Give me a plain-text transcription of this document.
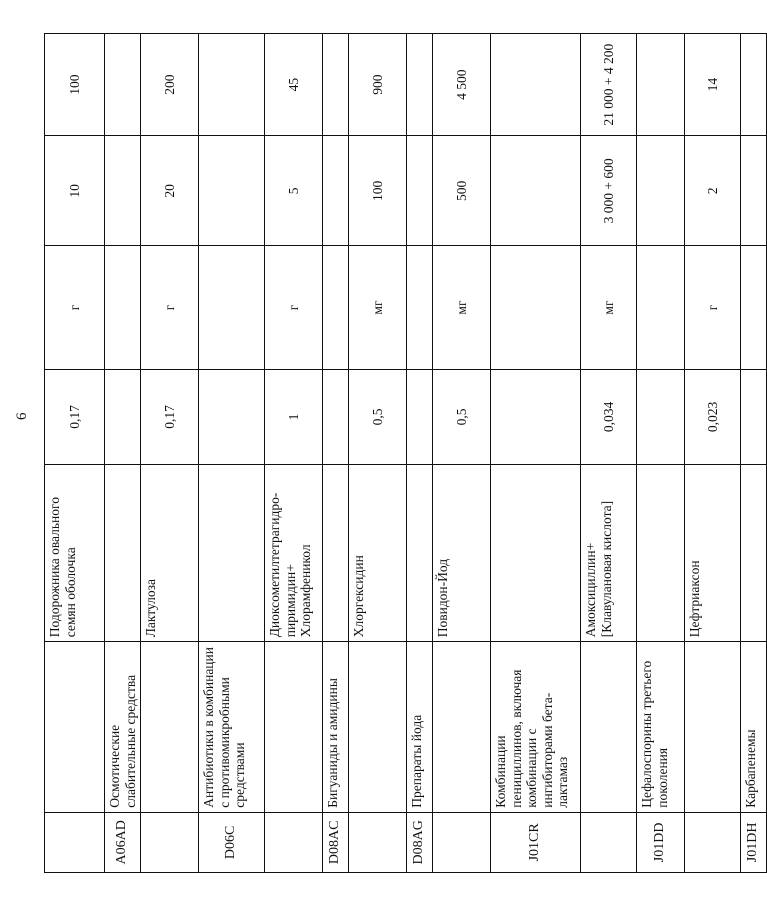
6
		Подорожника овального семян оболочка	0,17	г	10	100
A06AD	Осмотические слабительные средства					
		Лактулоза	0,17	г	20	200
D06C	Антибиотики в комбинации с противомикробными средствами					
		Диоксометилтетрагидро-пиримидин+ Хлорамфеникол	1	г	5	45
D08AC	Бигуаниды и амидины					
		Хлоргексидин	0,5	мг	100	900
D08AG	Препараты йода					
		Повидон-Йод	0,5	мг	500	4 500
J01CR	Комбинации пенициллинов, включая комбинации с ингибиторами бета-лактамаз					
		Амоксициллин+ [Клавулановая кислота]	0,034	мг	3 000 + 600	21 000 + 4 200
J01DD	Цефалоспорины третьего поколения					
		Цефтриаксон	0,023	г	2	14
J01DH	Карбапенемы					
